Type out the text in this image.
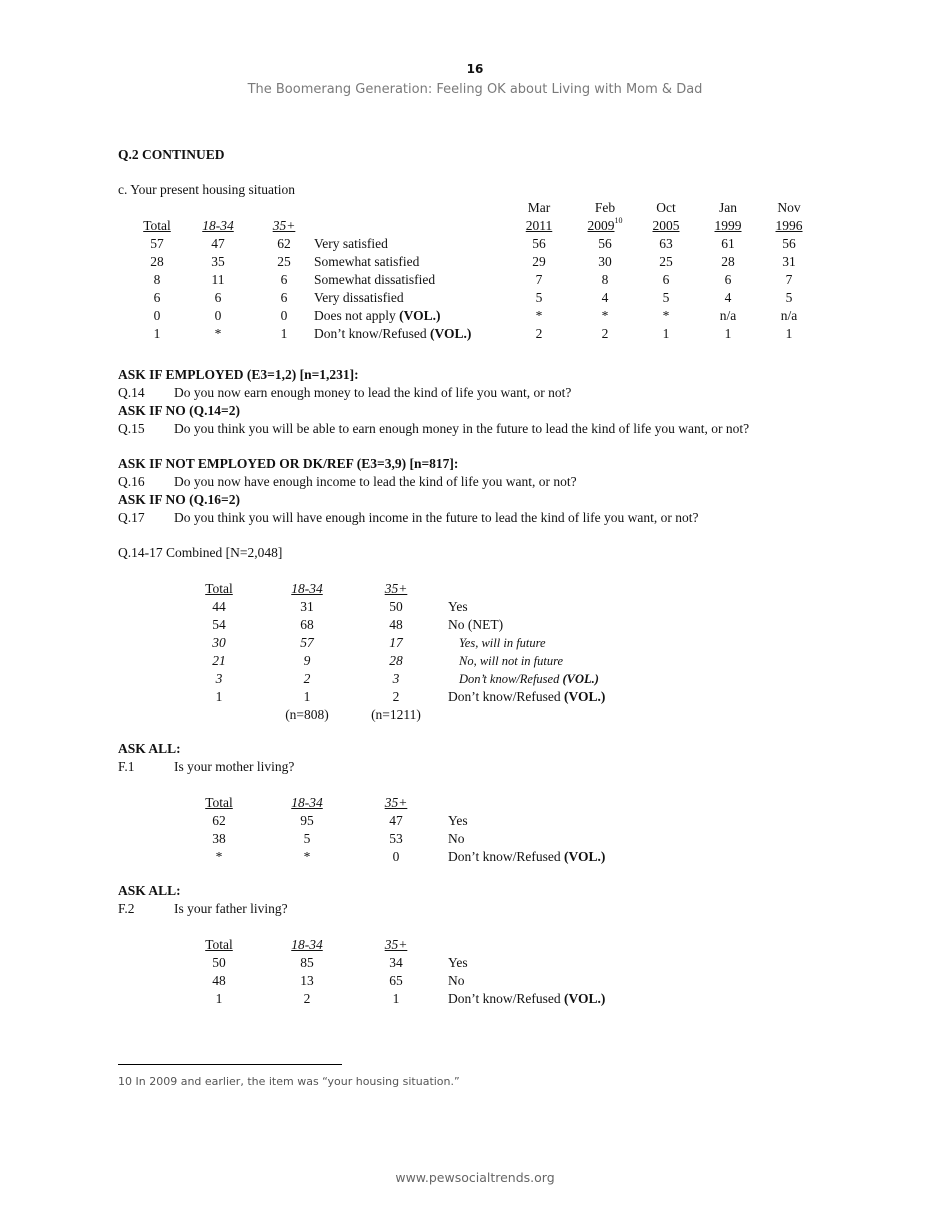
16
The Boomerang Generation: Feeling OK about Living with Mom & Dad
Q.2 CONTINUED
c. Your present housing situation
				Mar	Feb	Oct	Jan	Nov
Total	18-34	35+		2011	2009$^{10}$	2005	1999	1996
57	47	62	Very satisfied	56	56	63	61	56
28	35	25	Somewhat satisfied	29	30	25	28	31
8	11	6	Somewhat dissatisfied	7	8	6	6	7
6	6	6	Very dissatisfied	5	4	5	4	5
0	0	0	Does not apply (VOL.)	*	*	*	n/a	n/a
1	*	1	Don’t know/Refused (VOL.)	2	2	1	1	1
ASK IF EMPLOYED (E3=1,2) [n=1,231]:
Q.14 Do you now earn enough money to lead the kind of life you want, or not?
ASK IF NO (Q.14=2)
Q.15 Do you think you will be able to earn enough money in the future to lead the kind of life you want, or not?
ASK IF NOT EMPLOYED OR DK/REF (E3=3,9) [n=817]:
Q.16 Do you now have enough income to lead the kind of life you want, or not?
ASK IF NO (Q.16=2)
Q.17 Do you think you will have enough income in the future to lead the kind of life you want, or not?
Q.14-17 Combined [N=2,048]
Total	18-34	35+		
44	31	50		Yes
54	68	48		No (NET)
30	57	17		Yes, will in future
21	9	28		No, will not in future
3	2	3		Don’t know/Refused (VOL.)
1	1	2		Don’t know/Refused (VOL.)
	(n=808)	(n=1211)		
ASK ALL:
F.1	Is your mother living?
Total	18-34	35+		
62	95	47		Yes
38	5	53		No
*	*	0		Don’t know/Refused (VOL.)
ASK ALL:
F.2	Is your father living?
Total	18-34	35+		
50	85	34		Yes
48	13	65		No
1	2	1		Don’t know/Refused (VOL.)
10 In 2009 and earlier, the item was “your housing situation.”
www.pewsocialtrends.org
